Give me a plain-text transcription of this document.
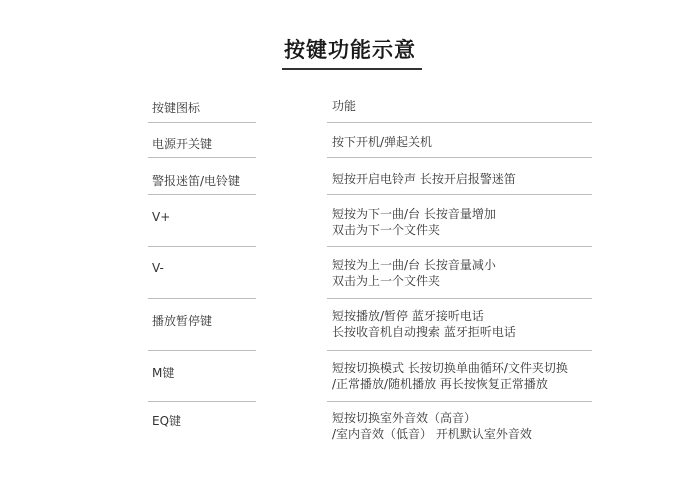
按键功能示意
按键图标	功能
电源开关键	按下开机/弹起关机
警报迷笛/电铃键	短按开启电铃声 长按开启报警迷笛
V+	短按为下一曲/台 长按音量增加
双击为下一个文件夹
V-	短按为上一曲/台 长按音量减小
双击为上一个文件夹
播放暂停键	短按播放/暂停 蓝牙接听电话
长按收音机自动搜索 蓝牙拒听电话
M键	短按切换模式 长按切换单曲循环/文件夹切换
/正常播放/随机播放 再长按恢复正常播放
EQ键	短按切换室外音效（高音）
/室内音效（低音） 开机默认室外音效
